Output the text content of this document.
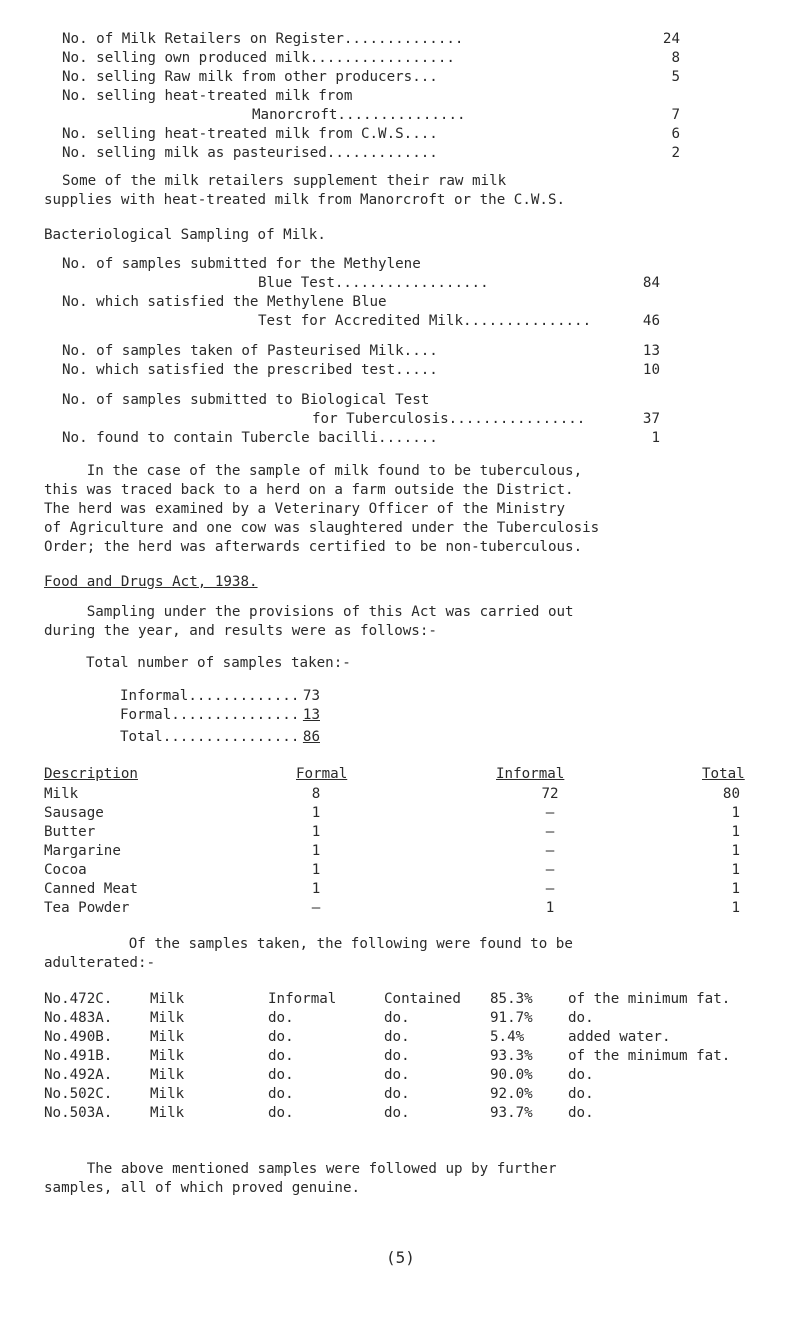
No. of Milk Retailers on Register..............	24
No. selling own produced milk.................	8
No. selling Raw milk from other producers...	5
No. selling heat-treated milk from
Manorcroft...............	7
No. selling heat-treated milk from C.W.S....	6
No. selling milk as pasteurised.............	2
Some of the milk retailers supplement their raw milk
supplies with heat-treated milk from Manorcroft or the C.W.S.
Bacteriological Sampling of Milk.
No. of samples submitted for the Methylene
Blue Test..................	84
No. which satisfied the Methylene Blue
Test for Accredited Milk...............	46
No. of samples taken of Pasteurised Milk....	13
No. which satisfied the prescribed test.....	10
No. of samples submitted to Biological Test
for Tuberculosis................	37
No. found to contain Tubercle bacilli.......	1
In the case of the sample of milk found to be tuberculous,
this was traced back to a herd on a farm outside the District.
The herd was examined by a Veterinary Officer of the Ministry
of Agriculture and one cow was slaughtered under the Tuberculosis
Order; the herd was afterwards certified to be non-tuberculous.
Food and Drugs Act, 1938.
Sampling under the provisions of this Act was carried out
during the year, and results were as follows:-
Total number of samples taken:-
Informal............. 73
Formal............... 13
Total................ 86
Description	Formal	Informal	Total
Milk	8	72	80
Sausage	1	–	1
Butter	1	–	1
Margarine	1	–	1
Cocoa	1	–	1
Canned Meat	1	–	1
Tea Powder	–	1	1
Of the samples taken, the following were found to be
adulterated:-
No.472C.	Milk	Informal	Contained 85.3% of the minimum fat.
No.483A.	Milk	do.	do.	91.7% do.
No.490B.	Milk	do.	do.	5.4%	added water.
No.491B.	Milk	do.	do.	93.3% of the minimum fat.
No.492A.	Milk	do.	do.	90.0% do.
No.502C.	Milk	do.	do.	92.0% do.
No.503A.	Milk	do.	do.	93.7% do.
The above mentioned samples were followed up by further
samples, all of which proved genuine.
(5)
